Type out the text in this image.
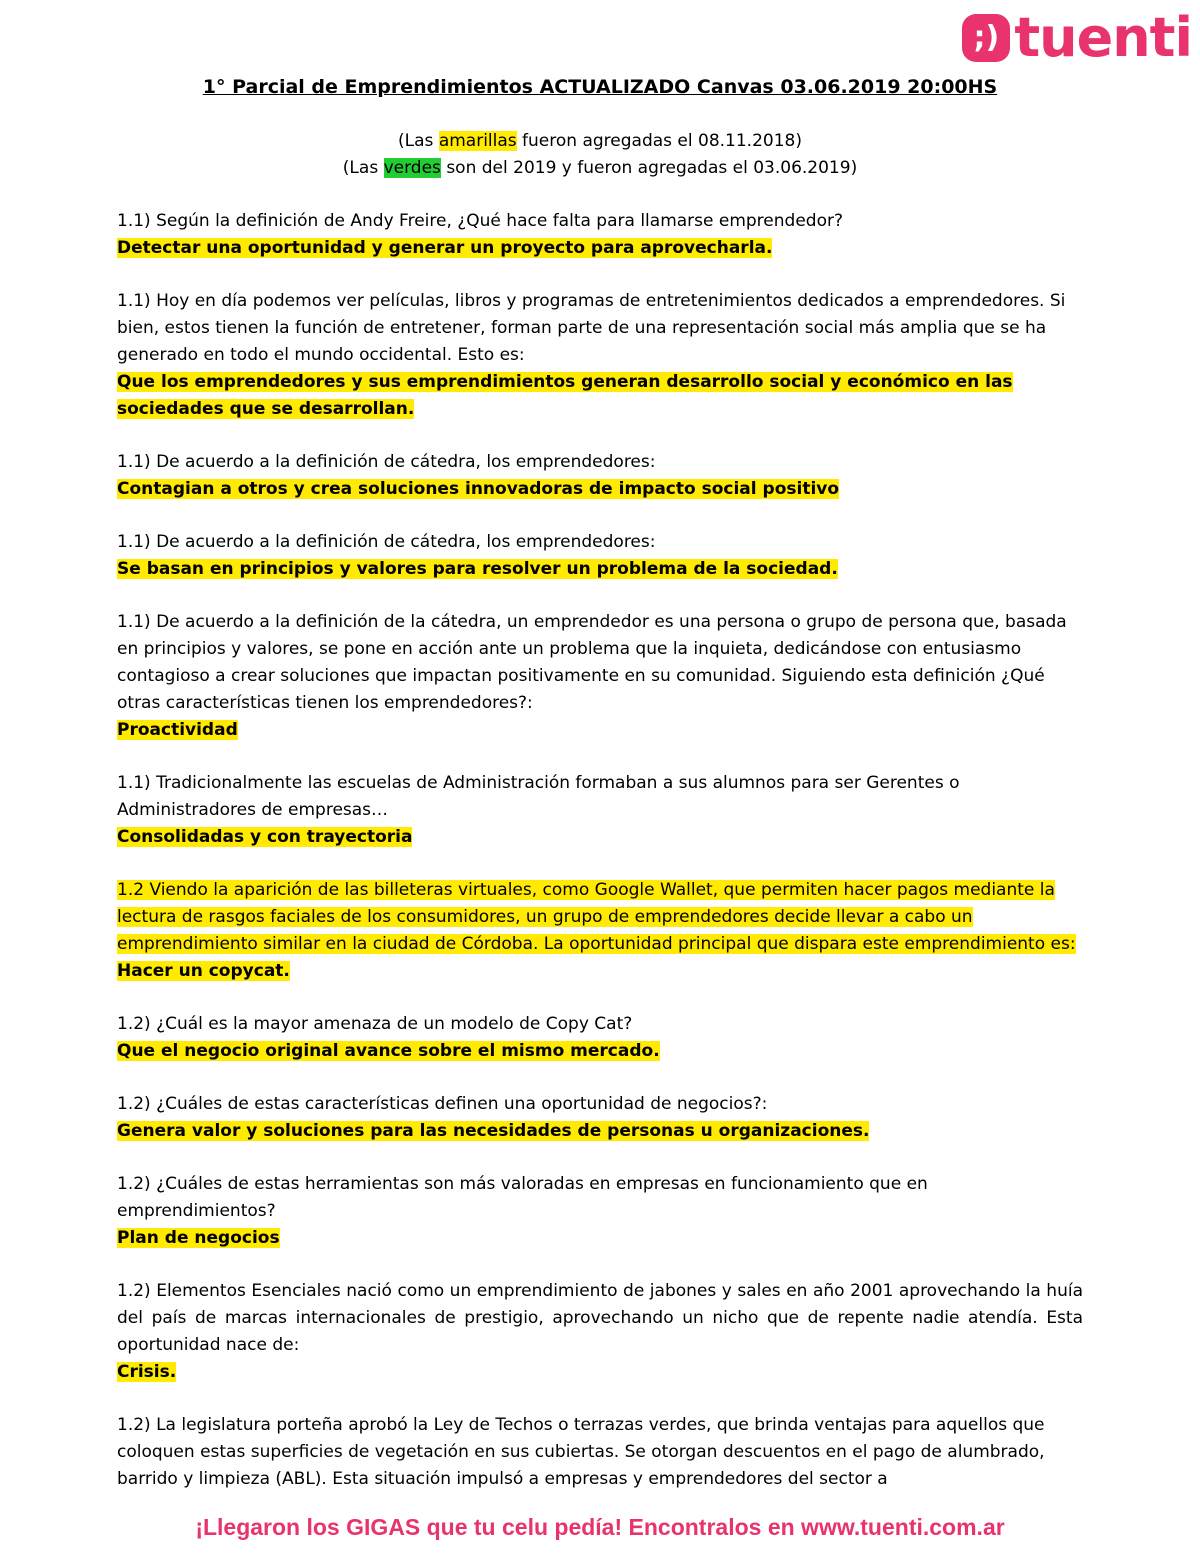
;) tuenti

1° Parcial de Emprendimientos ACTUALIZADO Canvas 03.06.2019 20:00HS

(Las amarillas fueron agregadas el 08.11.2018)

(Las verdes son del 2019 y fueron agregadas el 03.06.2019)

1.1) Según la definición de Andy Freire, ¿Qué hace falta para llamarse emprendedor?

Detectar una oportunidad y generar un proyecto para aprovecharla.

1.1) Hoy en día podemos ver películas, libros y programas de entretenimientos dedicados a emprendedores. Si bien, estos tienen la función de entretener, forman parte de una representación social más amplia que se ha generado en todo el mundo occidental. Esto es:

Que los emprendedores y sus emprendimientos generan desarrollo social y económico en las sociedades que se desarrollan.

1.1) De acuerdo a la definición de cátedra, los emprendedores:

Contagian a otros y crea soluciones innovadoras de impacto social positivo

1.1) De acuerdo a la definición de cátedra, los emprendedores:

Se basan en principios y valores para resolver un problema de la sociedad.

1.1) De acuerdo a la definición de la cátedra, un emprendedor es una persona o grupo de persona que, basada en principios y valores, se pone en acción ante un problema que la inquieta, dedicándose con entusiasmo contagioso a crear soluciones que impactan positivamente en su comunidad. Siguiendo esta definición ¿Qué otras características tienen los emprendedores?:

Proactividad

1.1) Tradicionalmente las escuelas de Administración formaban a sus alumnos para ser Gerentes o Administradores de empresas…

Consolidadas y con trayectoria

1.2 Viendo la aparición de las billeteras virtuales, como Google Wallet, que permiten hacer pagos mediante la lectura de rasgos faciales de los consumidores, un grupo de emprendedores decide llevar a cabo un emprendimiento similar en la ciudad de Córdoba. La oportunidad principal que dispara este emprendimiento es:

Hacer un copycat.

1.2) ¿Cuál es la mayor amenaza de un modelo de Copy Cat?

Que el negocio original avance sobre el mismo mercado.

1.2) ¿Cuáles de estas características definen una oportunidad de negocios?:

Genera valor y soluciones para las necesidades de personas u organizaciones.

1.2) ¿Cuáles de estas herramientas son más valoradas en empresas en funcionamiento que en emprendimientos?

Plan de negocios

1.2) Elementos Esenciales nació como un emprendimiento de jabones y sales en año 2001 aprovechando la huía del país de marcas internacionales de prestigio, aprovechando un nicho que de repente nadie atendía. Esta oportunidad nace de:

Crisis.

1.2) La legislatura porteña aprobó la Ley de Techos o terrazas verdes, que brinda ventajas para aquellos que coloquen estas superficies de vegetación en sus cubiertas. Se otorgan descuentos en el pago de alumbrado, barrido y limpieza (ABL). Esta situación impulsó a empresas y emprendedores del sector a

¡Llegaron los GIGAS que tu celu pedía! Encontralos en www.tuenti.com.ar
